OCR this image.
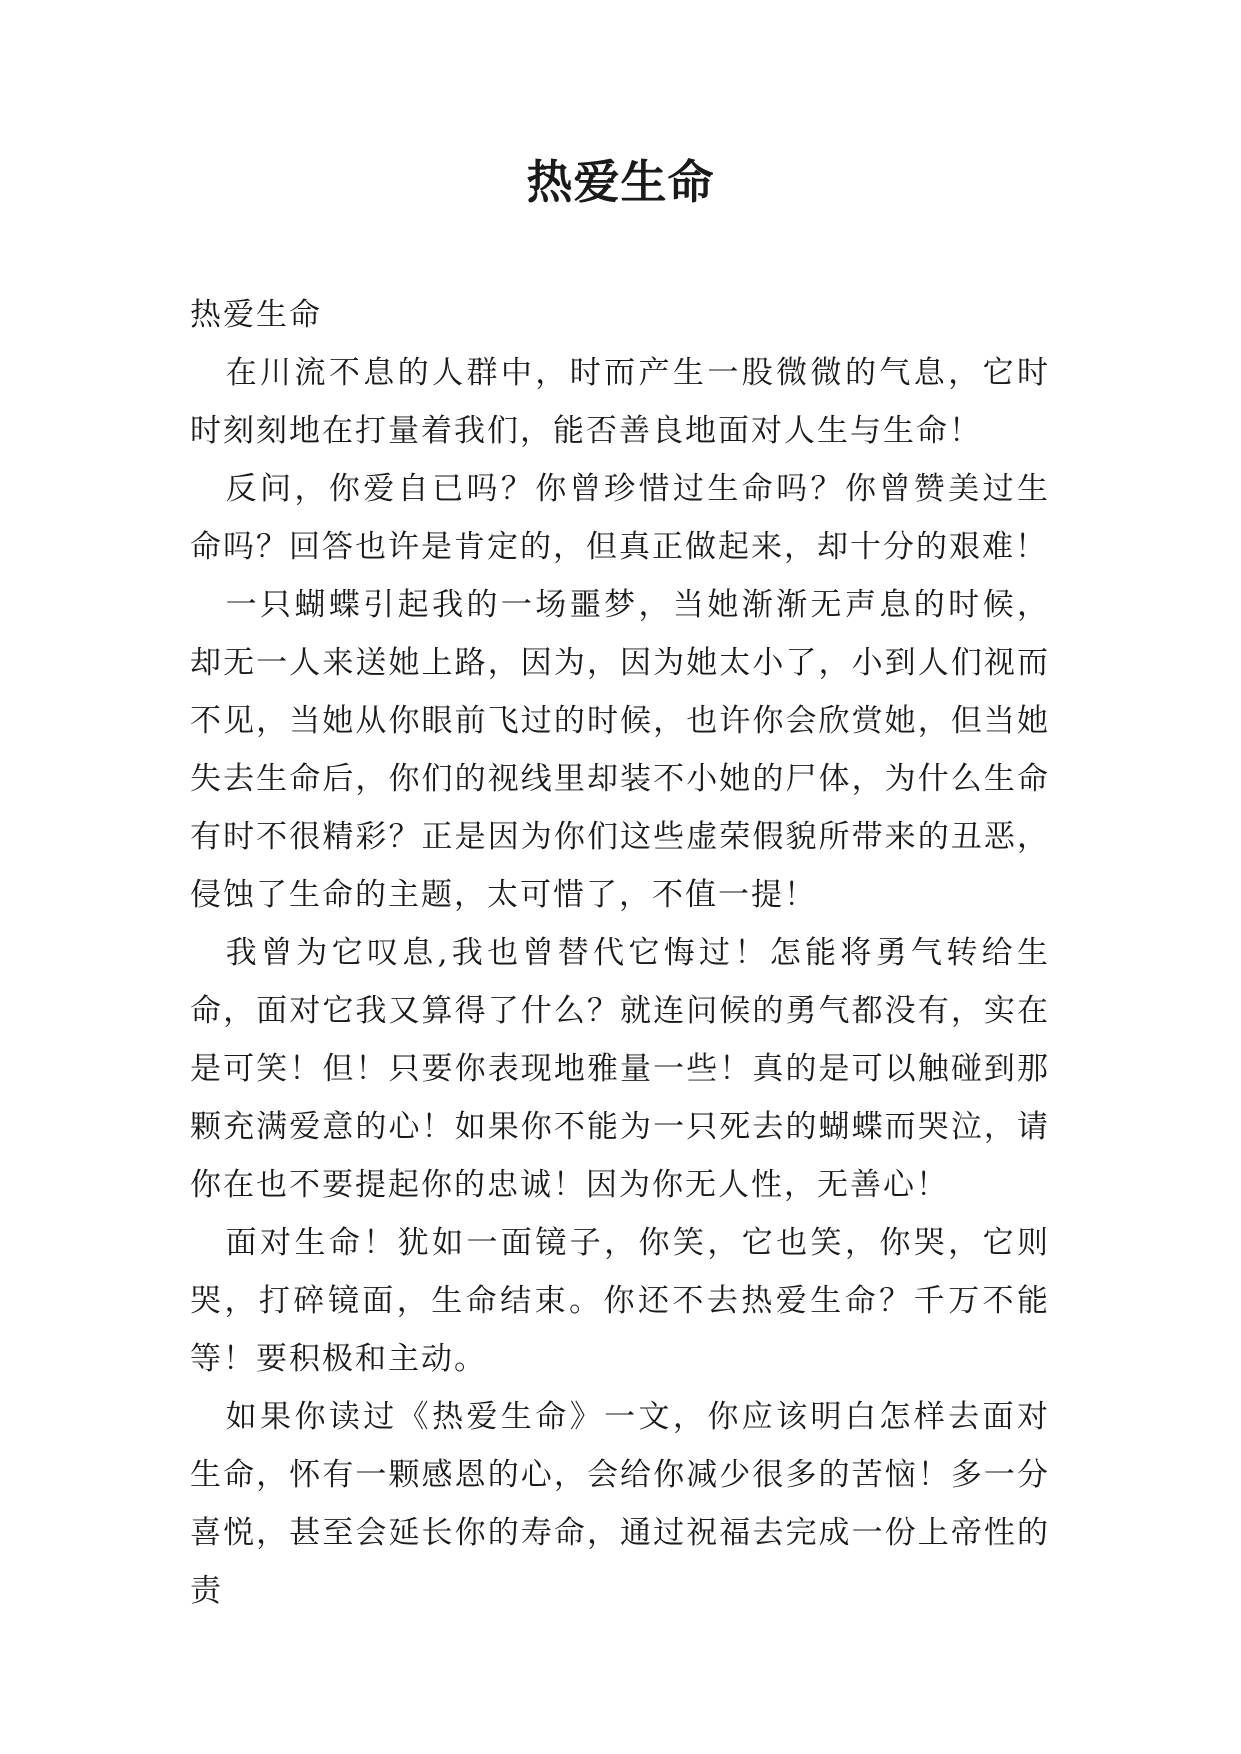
热爱生命

热爱生命

在川流不息的人群中，时而产生一股微微的气息，它时时刻刻地在打量着我们，能否善良地面对人生与生命！

反问，你爱自已吗？你曾珍惜过生命吗？你曾赞美过生命吗？回答也许是肯定的，但真正做起来，却十分的艰难！

一只蝴蝶引起我的一场噩梦，当她渐渐无声息的时候，却无一人来送她上路，因为，因为她太小了，小到人们视而不见，当她从你眼前飞过的时候，也许你会欣赏她，但当她失去生命后，你们的视线里却装不小她的尸体，为什么生命有时不很精彩？正是因为你们这些虚荣假貌所带来的丑恶，侵蚀了生命的主题，太可惜了，不值一提！

我曾为它叹息,我也曾替代它悔过！怎能将勇气转给生命，面对它我又算得了什么？就连问候的勇气都没有，实在是可笑！但！只要你表现地雅量一些！真的是可以触碰到那颗充满爱意的心！如果你不能为一只死去的蝴蝶而哭泣，请你在也不要提起你的忠诚！因为你无人性，无善心！

面对生命！犹如一面镜子，你笑，它也笑，你哭，它则哭，打碎镜面，生命结束。你还不去热爱生命？千万不能等！要积极和主动。

如果你读过《热爱生命》一文，你应该明白怎样去面对生命，怀有一颗感恩的心，会给你减少很多的苦恼！多一分喜悦，甚至会延长你的寿命，通过祝福去完成一份上帝性的责
